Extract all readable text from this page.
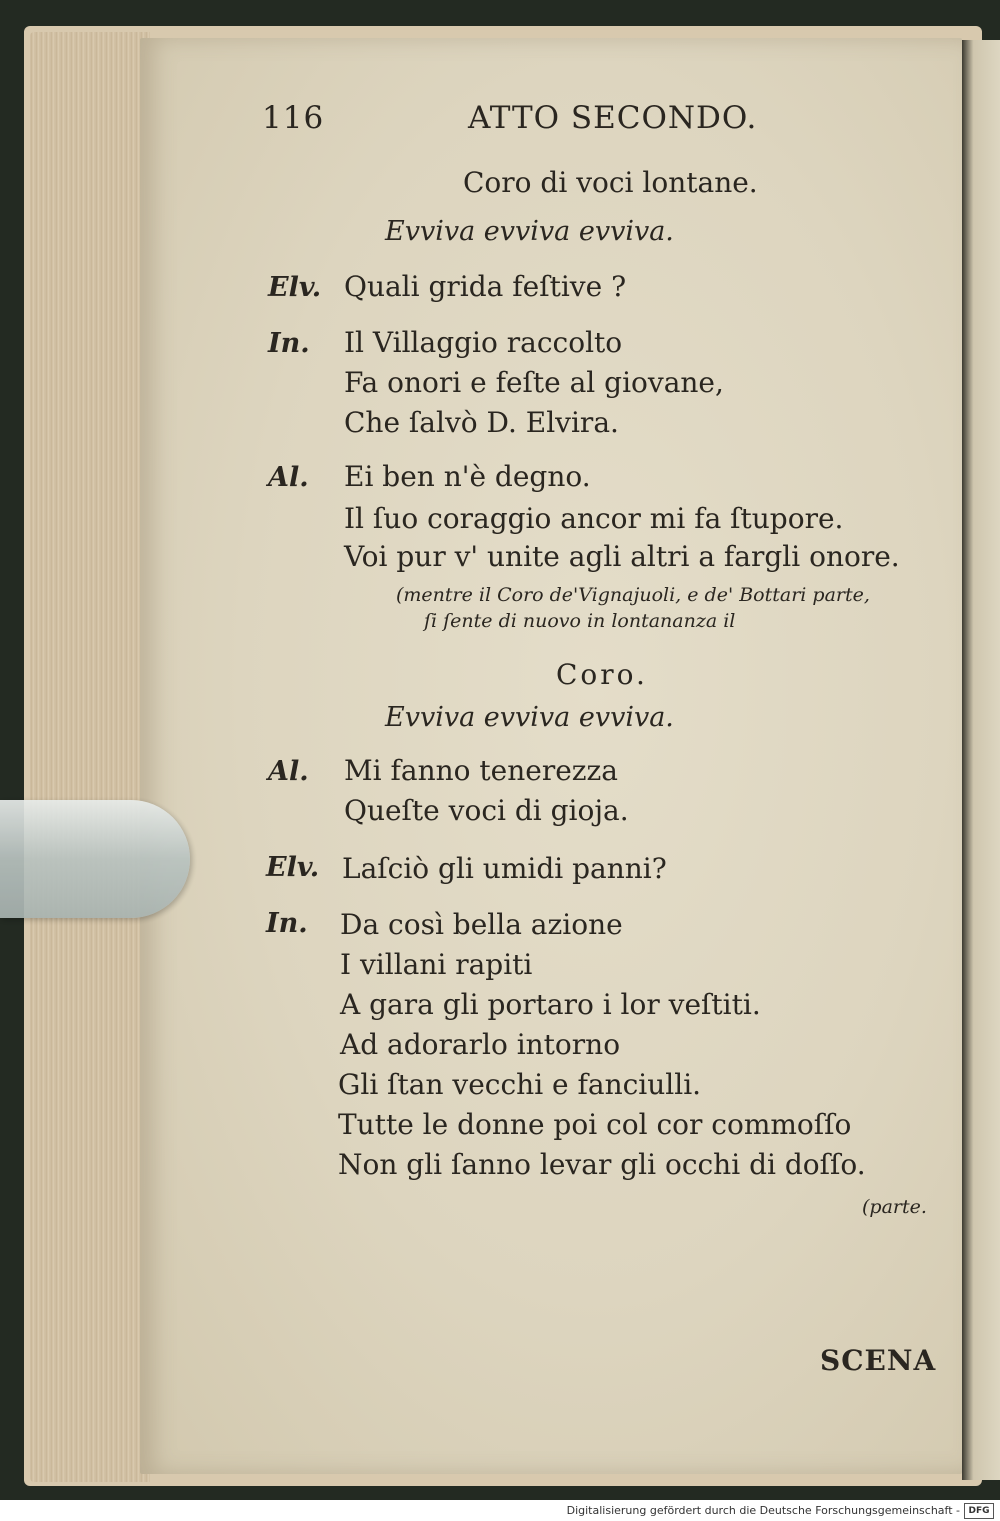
116	ATTO SECONDO.
Coro di voci lontane.
Evviva evviva evviva.
Elv. Quali grida feſtive ?
In. Il Villaggio raccolto
Fa onori e feſte al giovane,
Che ſalvò D. Elvira.
Al. Ei ben n'è degno.
Il ſuo coraggio ancor mi fa ſtupore.
Voi pur v' unite agli altri a fargli onore.
(mentre il Coro de'Vignajuoli, e de' Bottari parte,
ſi ſente di nuovo in lontananza il
Coro.
Evviva evviva evviva.
Al. Mi fanno tenerezza
Queſte voci di gioja.
Elv. Laſciò gli umidi panni?
In. Da così bella azione
I villani rapiti
A gara gli portaro i lor veſtiti.
Ad adorarlo intorno
Gli ſtan vecchi e fanciulli.
Tutte le donne poi col cor commoſſo
Non gli ſanno levar gli occhi di doſſo.
(parte.
SCENA
Digitalisierung gefördert durch die Deutsche Forschungsgemeinschaft - DFG
